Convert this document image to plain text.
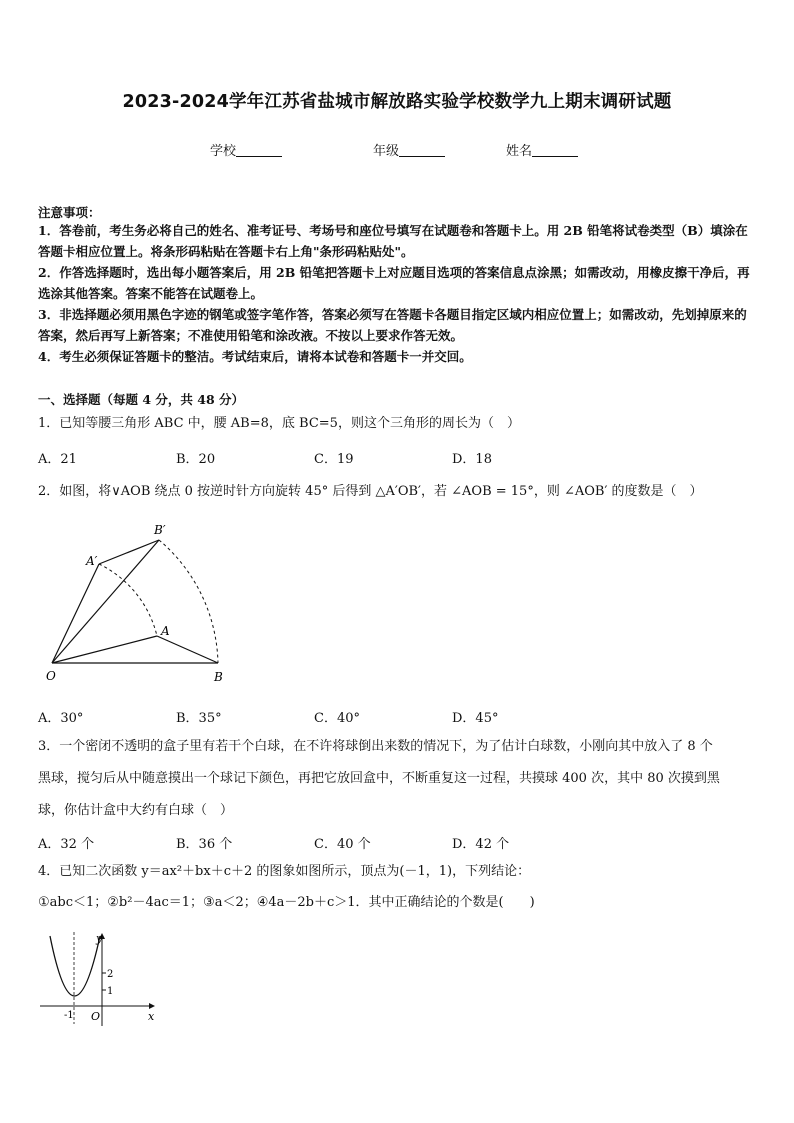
2023-2024学年江苏省盐城市解放路实验学校数学九上期末调研试题
学校	年级	姓名
注意事项：
1．答卷前，考生务必将自己的姓名、准考证号、考场号和座位号填写在试题卷和答题卡上。用 2B 铅笔将试卷类型（B）填涂在答题卡相应位置上。将条形码粘贴在答题卡右上角"条形码粘贴处"。
2．作答选择题时，选出每小题答案后，用 2B 铅笔把答题卡上对应题目选项的答案信息点涂黑；如需改动，用橡皮擦干净后，再选涂其他答案。答案不能答在试题卷上。
3．非选择题必须用黑色字迹的钢笔或签字笔作答，答案必须写在答题卡各题目指定区域内相应位置上；如需改动，先划掉原来的答案，然后再写上新答案；不准使用铅笔和涂改液。不按以上要求作答无效。
4．考生必须保证答题卡的整洁。考试结束后，请将本试卷和答题卡一并交回。
一、选择题（每题 4 分，共 48 分）
1．已知等腰三角形 ABC 中，腰 AB=8，底 BC=5，则这个三角形的周长为（　）
A．21	B．20	C．19	D．18
2．如图，将∨AOB 绕点 0 按逆时针方向旋转 45° 后得到 △A′OB′，若 ∠AOB = 15°，则 ∠AOB′ 的度数是（　）
O
A
B
A′
B′
A．30°	B．35°	C．40°	D．45°
3．一个密闭不透明的盒子里有若干个白球，在不许将球倒出来数的情况下，为了估计白球数，小刚向其中放入了 8 个
黑球，搅匀后从中随意摸出一个球记下颜色，再把它放回盒中，不断重复这一过程，共摸球 400 次，其中 80 次摸到黑
球，你估计盒中大约有白球（　）
A．32 个	B．36 个	C．40 个	D．42 个
4．已知二次函数 y＝ax²＋bx＋c＋2 的图象如图所示，顶点为(－1，1)，下列结论：
①abc＜1；②b²－4ac＝1；③a＜2；④4a－2b＋c＞1．其中正确结论的个数是(　　)
y
x
O
-1
1
2
